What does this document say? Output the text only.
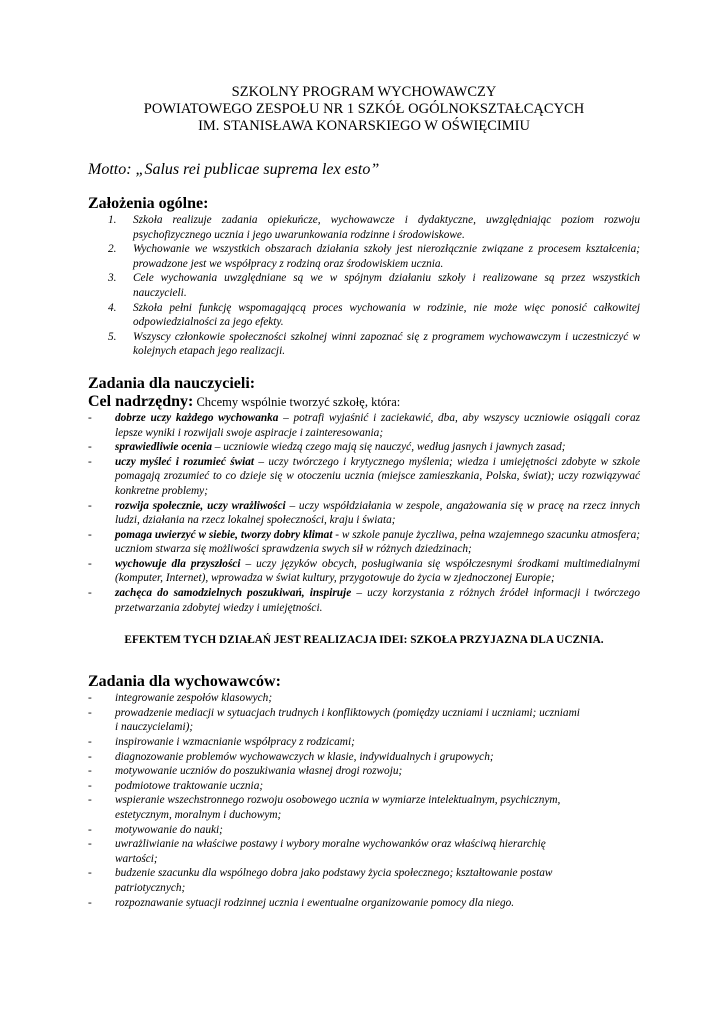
SZKOLNY PROGRAM WYCHOWAWCZY
POWIATOWEGO ZESPOŁU NR 1 SZKÓŁ OGÓLNOKSZTAŁCĄCYCH
IM. STANISŁAWA KONARSKIEGO W OŚWIĘCIMIU
Motto: „Salus rei publicae suprema lex esto”
Założenia ogólne:
1.	Szkoła realizuje zadania opiekuńcze, wychowawcze i dydaktyczne, uwzględniając poziom rozwoju psychofizycznego ucznia i jego uwarunkowania rodzinne i środowiskowe.
2.	Wychowanie we wszystkich obszarach działania szkoły jest nierozłącznie związane z procesem kształcenia; prowadzone jest we współpracy z rodziną oraz środowiskiem ucznia.
3.	Cele wychowania uwzględniane są we w spójnym działaniu szkoły i realizowane są przez wszystkich nauczycieli.
4.	Szkoła pełni funkcję wspomagającą proces wychowania w rodzinie, nie może więc ponosić całkowitej odpowiedzialności za jego efekty.
5.	Wszyscy członkowie społeczności szkolnej winni zapoznać się z programem wychowawczym i uczestniczyć w kolejnych etapach jego realizacji.
Zadania dla nauczycieli:
Cel nadrzędny: Chcemy wspólnie tworzyć szkołę, która:
-	dobrze uczy każdego wychowanka – potrafi wyjaśnić i zaciekawić, dba, aby wszyscy uczniowie osiągali coraz lepsze wyniki i rozwijali swoje aspiracje i zainteresowania;
-	sprawiedliwie ocenia – uczniowie wiedzą czego mają się nauczyć, według jasnych i jawnych zasad;
-	uczy myśleć i rozumieć świat – uczy twórczego i krytycznego myślenia; wiedza i umiejętności zdobyte w szkole pomagają zrozumieć to co dzieje się w otoczeniu ucznia (miejsce zamieszkania, Polska, świat); uczy rozwiązywać konkretne problemy;
-	rozwija społecznie, uczy wrażliwości – uczy współdziałania w zespole, angażowania się w pracę na rzecz innych ludzi, działania na rzecz lokalnej społeczności, kraju i świata;
-	pomaga uwierzyć w siebie, tworzy dobry klimat - w szkole panuje życzliwa, pełna wzajemnego szacunku atmosfera; uczniom stwarza się możliwości sprawdzenia swych sił w różnych dziedzinach;
-	wychowuje dla przyszłości – uczy języków obcych, posługiwania się współczesnymi środkami multimedialnymi (komputer, Internet), wprowadza w świat kultury, przygotowuje do życia w zjednoczonej Europie;
-	zachęca do samodzielnych poszukiwań, inspiruje – uczy korzystania z różnych źródeł informacji i twórczego przetwarzania zdobytej wiedzy i umiejętności.
EFEKTEM TYCH DZIAŁAŃ JEST REALIZACJA IDEI: SZKOŁA PRZYJAZNA DLA UCZNIA.
Zadania dla wychowawców:
-	integrowanie zespołów klasowych;
-	prowadzenie mediacji w sytuacjach trudnych i konfliktowych (pomiędzy uczniami i uczniami; uczniami i nauczycielami);
-	inspirowanie i wzmacnianie współpracy z rodzicami;
-	diagnozowanie problemów wychowawczych w klasie, indywidualnych i grupowych;
-	motywowanie uczniów do poszukiwania własnej drogi rozwoju;
-	podmiotowe traktowanie ucznia;
-	wspieranie wszechstronnego rozwoju osobowego ucznia w wymiarze intelektualnym, psychicznym, estetycznym, moralnym i duchowym;
-	motywowanie do nauki;
-	uwrażliwianie na właściwe postawy i wybory moralne wychowanków oraz właściwą hierarchię wartości;
-	budzenie szacunku dla wspólnego dobra jako podstawy życia społecznego; kształtowanie postaw patriotycznych;
-	rozpoznawanie sytuacji rodzinnej ucznia i ewentualne organizowanie pomocy dla niego.
